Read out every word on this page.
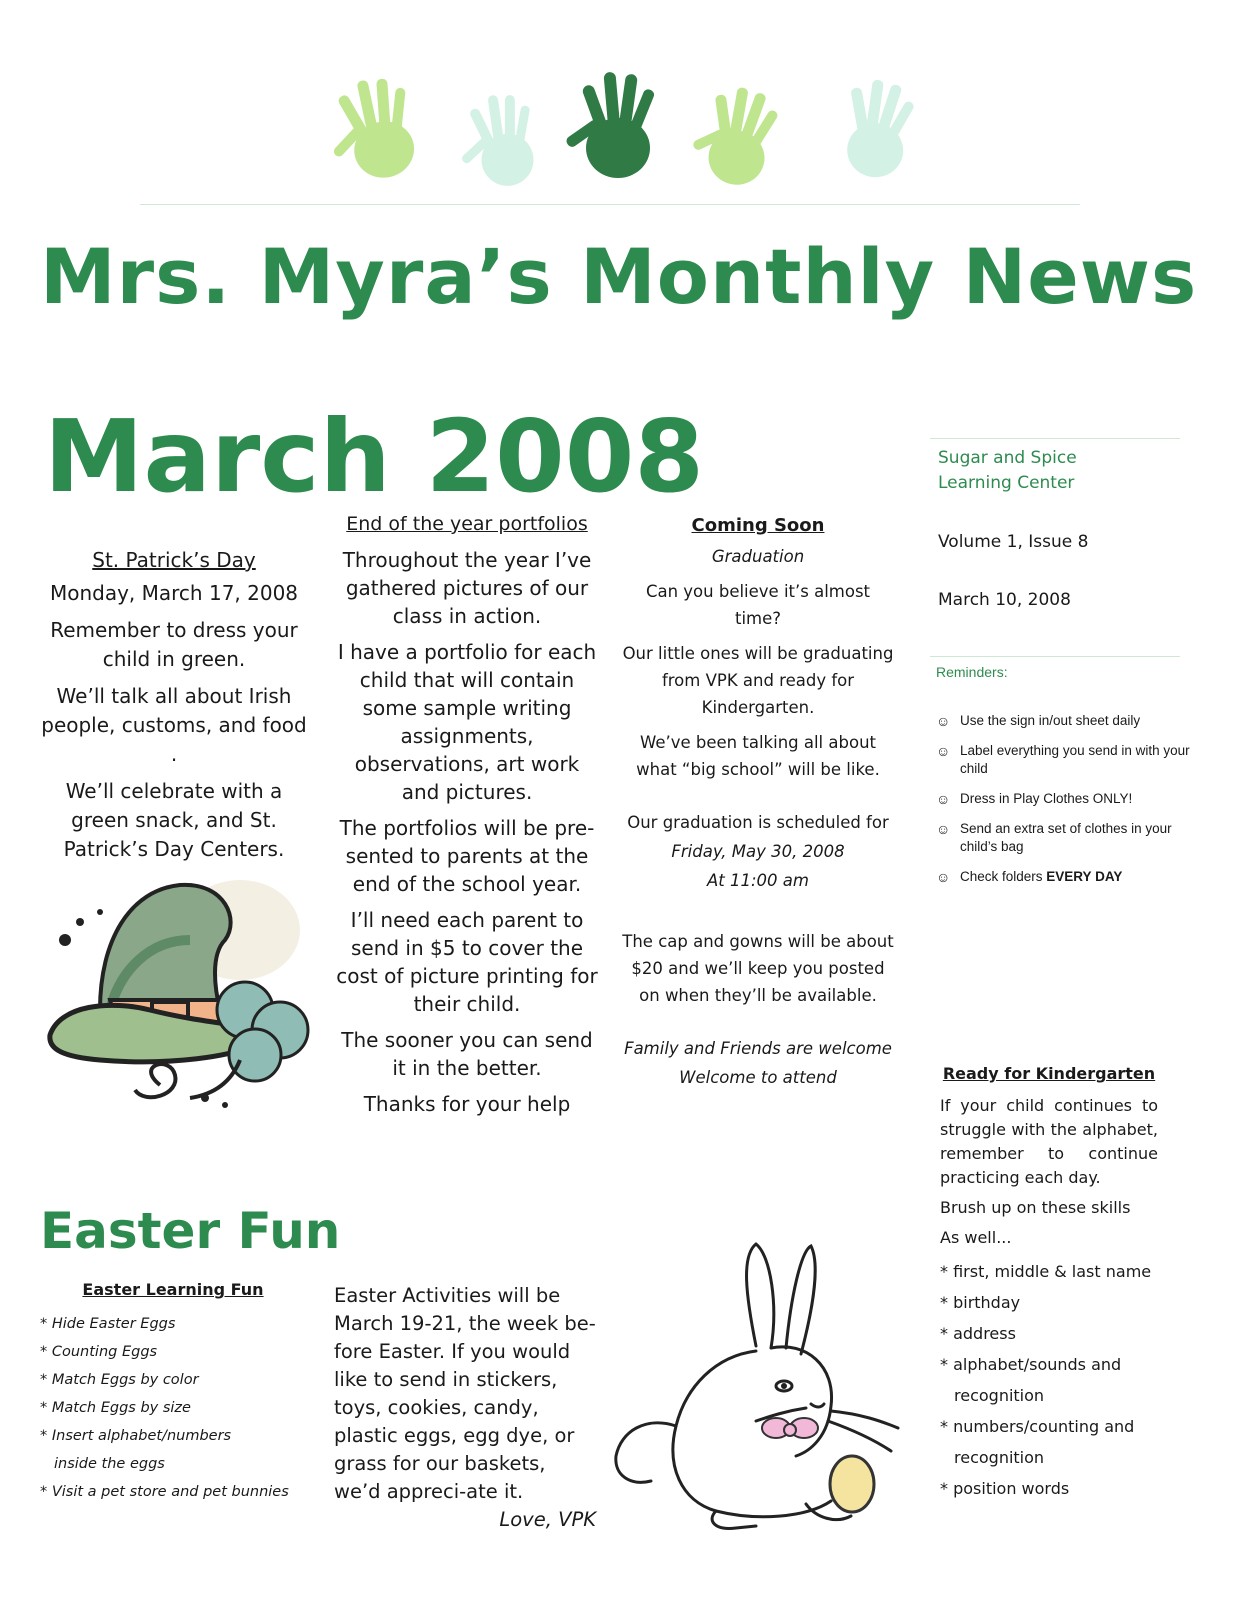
Mrs. Myra’s Monthly News
March 2008	Sugar and Spice
Learning Center
Volume 1, Issue 8
March 10, 2008
Reminders:
☺ Use the sign in/out sheet daily
☺ Label everything you send in with your child
☺ Dress in Play Clothes ONLY!
☺ Send an extra set of clothes in your child’s bag
☺ Check folders EVERY DAY
St. Patrick’s Day

Monday, March 17, 2008

Remember to dress your child in green.

We’ll talk all about Irish people, customs, and food .

We’ll celebrate with a green snack, and St. Patrick’s Day Centers.

End of the year portfolios

Throughout the year I’ve gathered pictures of our class in action.

I have a portfolio for each child that will contain some sample writing assignments, observations, art work and pictures.

The portfolios will be pre-sented to parents at the end of the school year.

I’ll need each parent to send in $5 to cover the cost of picture printing for their child.

The sooner you can send it in the better.

Thanks for your help

Coming Soon

Graduation

Can you believe it’s almost time?

Our little ones will be graduating from VPK and ready for Kindergarten.

We’ve been talking all about what “big school” will be like.

Our graduation is scheduled for

Friday, May 30, 2008

At 11:00 am

The cap and gowns will be about $20 and we’ll keep you posted on when they’ll be available.

Family and Friends are welcome

Welcome to attend	Ready for Kindergarten

If your child continues to struggle with the alphabet, remember to continue practicing each day.

Brush up on these skills

As well...

* first, middle & last name
* birthday
* address
* alphabet/sounds and
recognition
* numbers/counting and
recognition
* position words
Easter Fun
Easter Learning Fun
* Hide Easter Eggs
* Counting Eggs
* Match Eggs by color
* Match Eggs by size
* Insert alphabet/numbers
inside the eggs
* Visit a pet store and pet bunnies
Easter Activities will be March 19-21, the week be-fore Easter. If you would like to send in stickers, toys, cookies, candy, plastic eggs, egg dye, or grass for our baskets, we’d appreci-ate it.
Love, VPK
